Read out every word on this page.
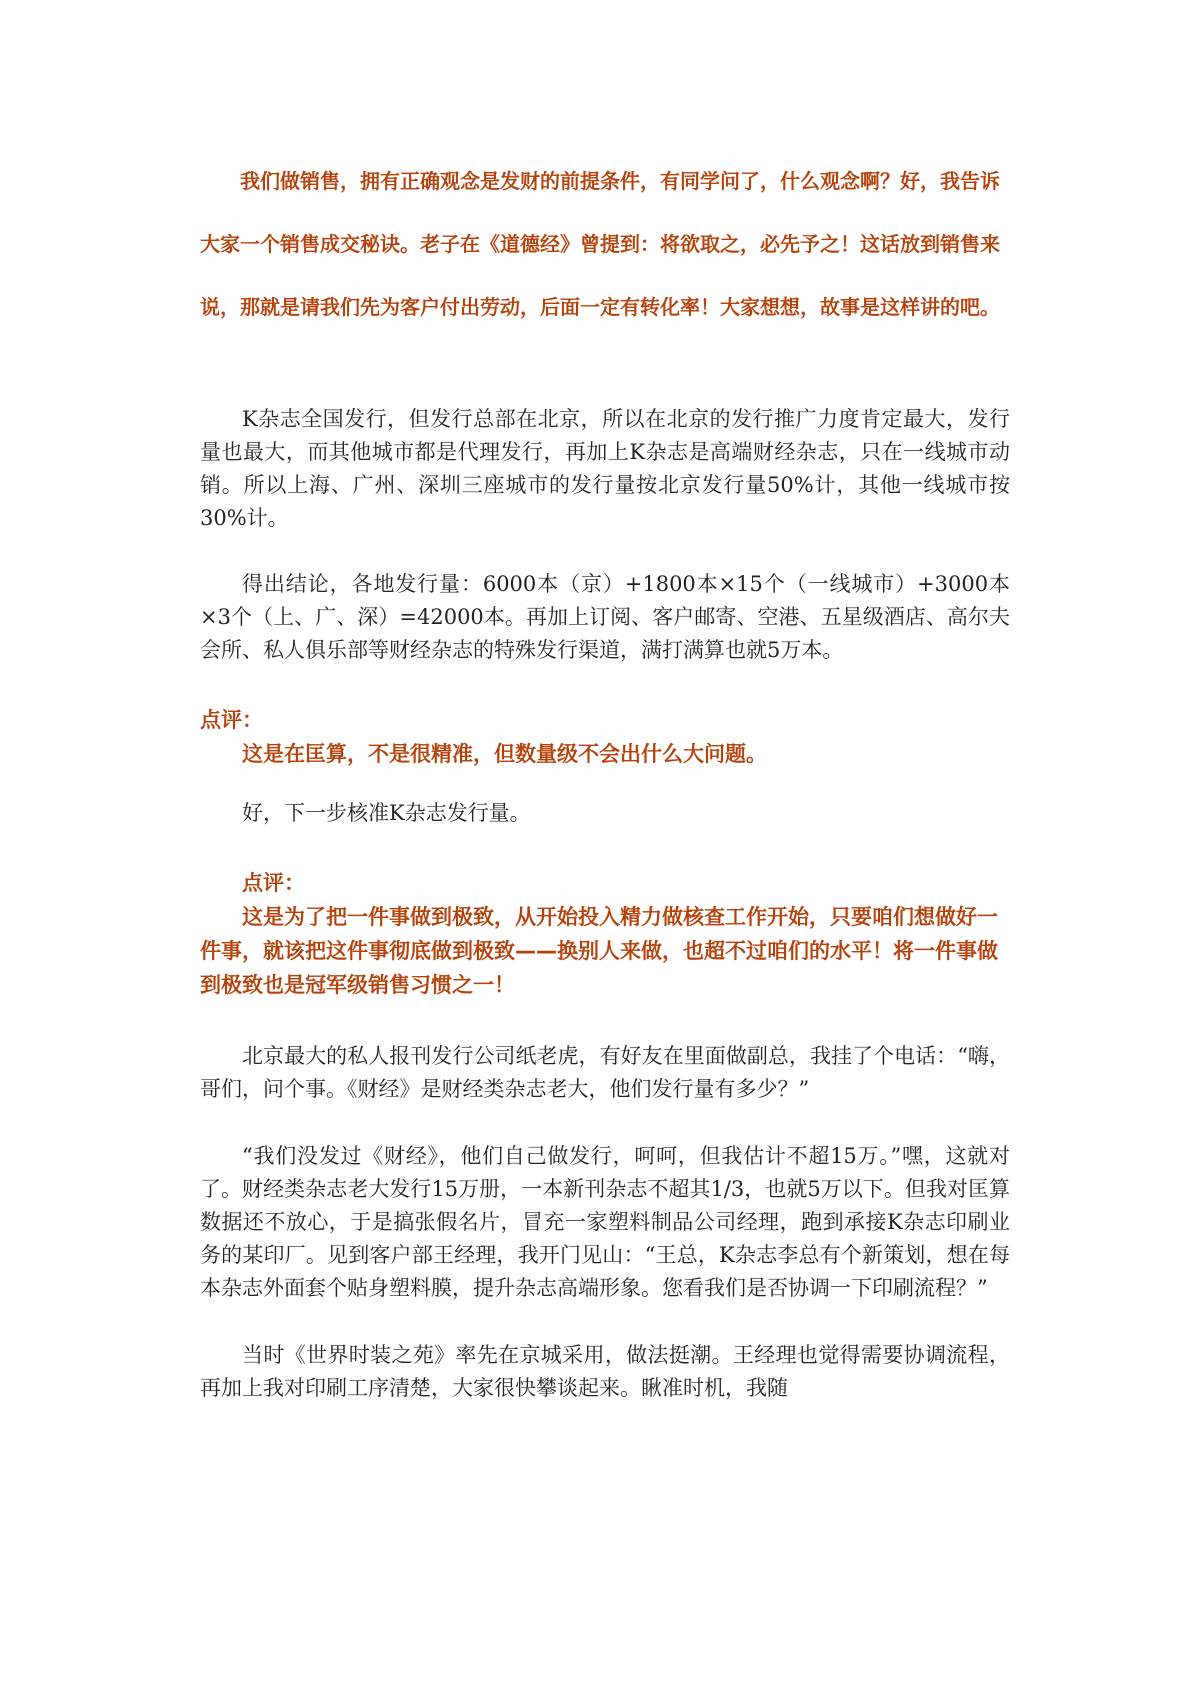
我们做销售，拥有正确观念是发财的前提条件，有同学问了，什么观念啊？好，我告诉大家一个销售成交秘诀。老子在《道德经》曾提到：将欲取之，必先予之！这话放到销售来说，那就是请我们先为客户付出劳动，后面一定有转化率！大家想想，故事是这样讲的吧。

K杂志全国发行，但发行总部在北京，所以在北京的发行推广力度肯定最大，发行量也最大，而其他城市都是代理发行，再加上K杂志是高端财经杂志，只在一线城市动销。所以上海、广州、深圳三座城市的发行量按北京发行量50%计，其他一线城市按30%计。

得出结论，各地发行量：6000本（京）+1800本×15个（一线城市）+3000本×3个（上、广、深）=42000本。再加上订阅、客户邮寄、空港、五星级酒店、高尔夫会所、私人俱乐部等财经杂志的特殊发行渠道，满打满算也就5万本。

点评：

这是在匡算，不是很精准，但数量级不会出什么大问题。

好，下一步核准K杂志发行量。

点评：

这是为了把一件事做到极致，从开始投入精力做核查工作开始，只要咱们想做好一件事，就该把这件事彻底做到极致——换别人来做，也超不过咱们的水平！将一件事做到极致也是冠军级销售习惯之一！

北京最大的私人报刊发行公司纸老虎，有好友在里面做副总，我挂了个电话：“嗨，哥们，问个事。《财经》是财经类杂志老大，他们发行量有多少？”

“我们没发过《财经》，他们自己做发行，呵呵，但我估计不超15万。”嘿，这就对了。财经类杂志老大发行15万册，一本新刊杂志不超其1/3，也就5万以下。但我对匡算数据还不放心，于是搞张假名片，冒充一家塑料制品公司经理，跑到承接K杂志印刷业务的某印厂。见到客户部王经理，我开门见山：“王总，K杂志李总有个新策划，想在每本杂志外面套个贴身塑料膜，提升杂志高端形象。您看我们是否协调一下印刷流程？”

当时《世界时装之苑》率先在京城采用，做法挺潮。王经理也觉得需要协调流程，再加上我对印刷工序清楚，大家很快攀谈起来。瞅准时机，我随
